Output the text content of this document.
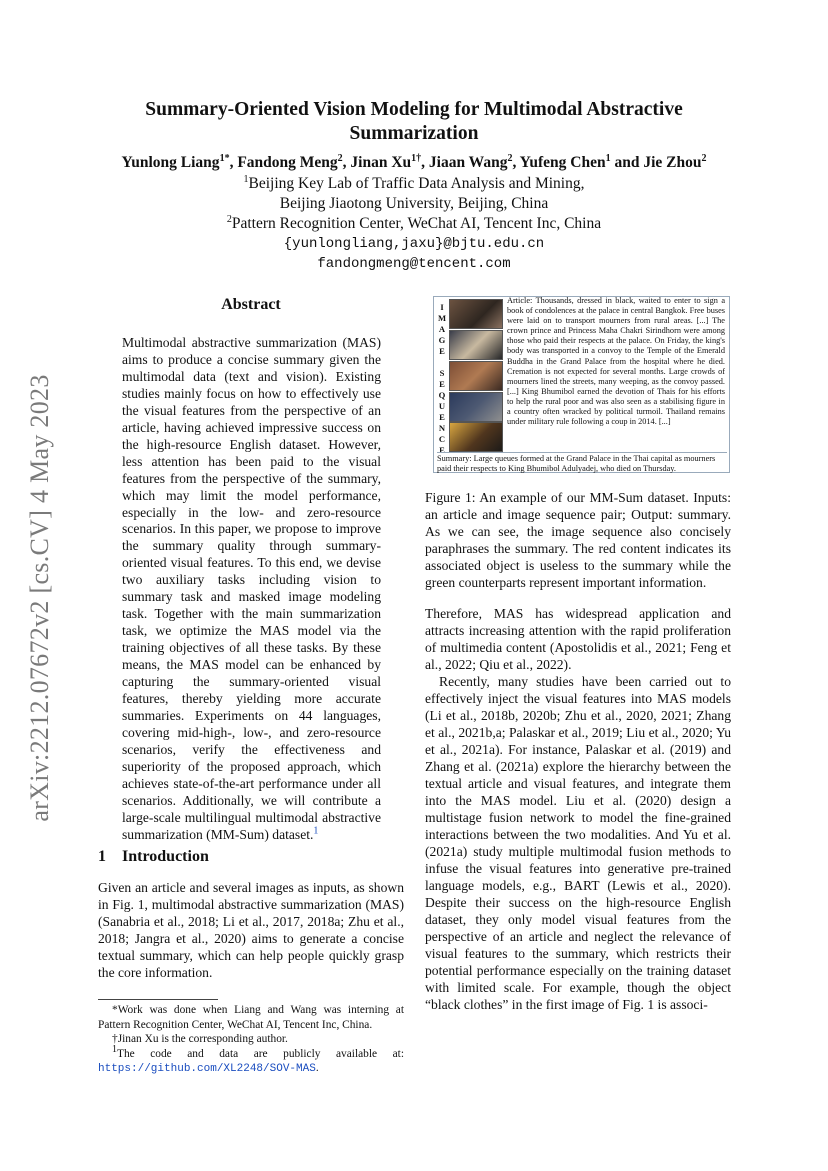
arXiv:2212.07672v2 [cs.CV] 4 May 2023
Summary-Oriented Vision Modeling for Multimodal Abstractive
Summarization
Yunlong Liang$^{1*}$, Fandong Meng$^2$, Jinan $Xu^{1\dagger}$, Jiaan Wang$^2$, Yufeng Chen$^1$ and Jie Zhou$^2$
$^1$Beijing Key Lab of Traffic Data Analysis and Mining,
Beijing Jiaotong University, Beijing, China
$^2$Pattern Recognition Center, WeChat AI, Tencent Inc, China
{yunlongliang,jaxu}@bjtu.edu.cn
fandongmeng@tencent.com
Abstract
Multimodal abstractive summarization (MAS) aims to produce a concise summary given the multimodal data (text and vision). Existing studies mainly focus on how to effectively use the visual features from the perspective of an article, having achieved impressive success on the high-resource English dataset. However, less attention has been paid to the visual features from the perspective of the summary, which may limit the model performance, especially in the low- and zero-resource scenarios. In this paper, we propose to improve the summary quality through summary-oriented visual features. To this end, we devise two auxiliary tasks including vision to summary task and masked image modeling task. Together with the main summarization task, we optimize the MAS model via the training objectives of all these tasks. By these means, the MAS model can be enhanced by capturing the summary-oriented visual features, thereby yielding more accurate summaries. Experiments on 44 languages, covering mid-high-, low-, and zero-resource scenarios, verify the effectiveness and superiority of the proposed approach, which achieves state-of-the-art performance under all scenarios. Additionally, we will contribute a large-scale multilingual multimodal abstractive summarization (MM-Sum) dataset.$^1$
1 Introduction
Given an article and several images as inputs, as shown in Fig. 1, multimodal abstractive summarization (MAS) (Sanabria et al., 2018; Li et al., 2017, 2018a; Zhu et al., 2018; Jangra et al., 2020) aims to generate a concise textual summary, which can help people quickly grasp the core information.

*Work was done when Liang and Wang was interning at Pattern Recognition Center, WeChat AI, Tencent Inc, China.

†Jinan Xu is the corresponding author.

$^1$The code and data are publicly available at: https://github.com/XL2248/SOV-MAS.

I
M
A
G
E
S
E
Q
U
E
N
C
E
Article: Thousands, dressed in black, waited to enter to sign a book of condolences at the palace in central Bangkok. Free buses were laid on to transport mourners from rural areas. [...] The crown prince and Princess Maha Chakri Sirindhorn were among those who paid their respects at the palace. On Friday, the king's body was transported in a convoy to the Temple of the Emerald Buddha in the Grand Palace from the hospital where he died. Cremation is not expected for several months. Large crowds of mourners lined the streets, many weeping, as the convoy passed. [...] King Bhumibol earned the devotion of Thais for his efforts to help the rural poor and was also seen as a stabilising figure in a country often wracked by political turmoil. Thailand remains under military rule following a coup in 2014. [...]
Summary: Large queues formed at the Grand Palace in the Thai capital as mourners paid their respects to King Bhumibol Adulyadej, who died on Thursday.
Figure 1: An example of our MM-Sum dataset. Inputs: an article and image sequence pair; Output: summary. As we can see, the image sequence also concisely paraphrases the summary. The red content indicates its associated object is useless to the summary while the green counterparts represent important information.

Therefore, MAS has widespread application and attracts increasing attention with the rapid proliferation of multimedia content (Apostolidis et al., 2021; Feng et al., 2022; Qiu et al., 2022).

Recently, many studies have been carried out to effectively inject the visual features into MAS models (Li et al., 2018b, 2020b; Zhu et al., 2020, 2021; Zhang et al., 2021b,a; Palaskar et al., 2019; Liu et al., 2020; Yu et al., 2021a). For instance, Palaskar et al. (2019) and Zhang et al. (2021a) explore the hierarchy between the textual article and visual features, and integrate them into the MAS model. Liu et al. (2020) design a multistage fusion network to model the fine-grained interactions between the two modalities. And Yu et al. (2021a) study multiple multimodal fusion methods to infuse the visual features into generative pre-trained language models, e.g., BART (Lewis et al., 2020). Despite their success on the high-resource English dataset, they only model visual features from the perspective of an article and neglect the relevance of visual features to the summary, which restricts their potential performance especially on the training dataset with limited scale. For example, though the object “black clothes” in the first image of Fig. 1 is associ-
